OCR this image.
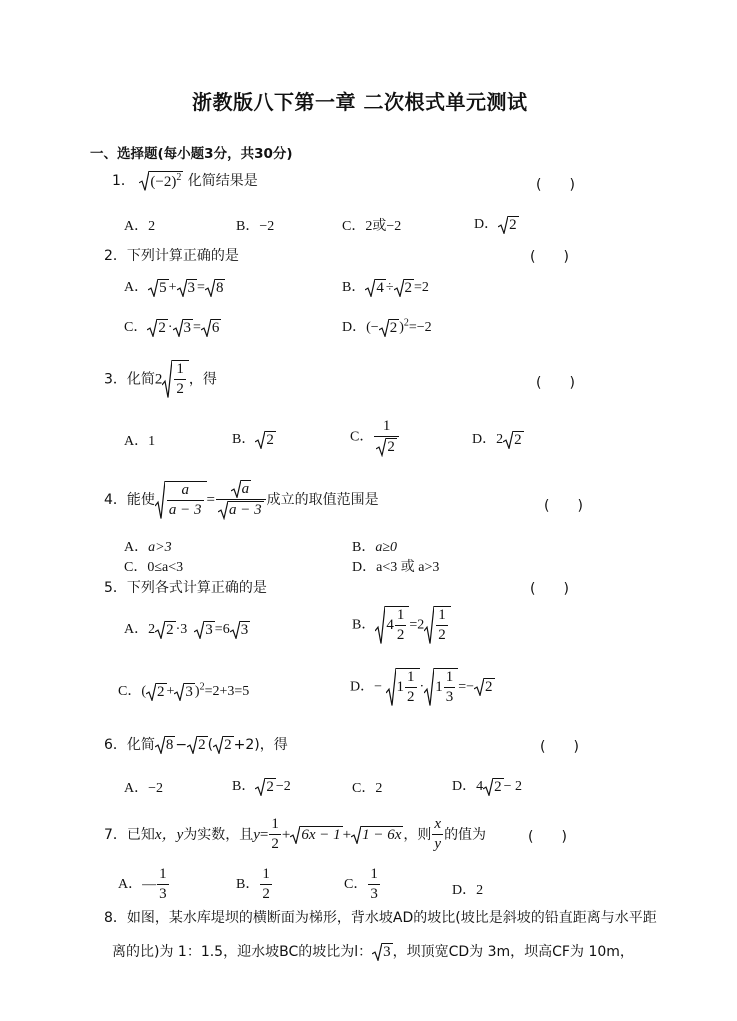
浙教版八下第一章 二次根式单元测试
一、选择题(每小题3分，共30分)
1． $(-2)^2$ 化简结果是	(　　)
A．2	B．−2	C．2或−2	D． 2
2．下列计算正确的是	(　　)
A． 5 + 3 = 8	B． 4 ÷ 2 =2
C． 2 · 3 = 6	D．(− 2 )$^2$=−2
3．化简$2 \frac{1}{2}$ ，得	(　　)
A．1	B． 2	C． $\frac{1}{2}$	D．2 2
4．能使 $\frac{a}{a - 3} = \frac{a}{a - 3}$ 成立的取值范围是	(　　)
A．a>3	B．a≥0
C．0≤a<3	D．a<3 或 a>3
5．下列各式计算正确的是	(　　)
A．2 2 ·3 3 =6 3	B． $4 \frac{1}{2} =2 \frac{1}{2}$
C．( 2 + 3 )$^2$=2+3=5	D．− $1 \frac{1}{2} \cdot 1 \frac{1}{3} =- 2$
6．化简 8 − 2 ( 2 +2)，得	(　　)
A．−2	B． 2 −2	C．2	D．4 2 − 2
7．已知x，y为实数，且$y= \frac{1}{2} + 6x - 1 + 1 - 6x$ ，则 $\frac{x}{y}$ 的值为	(　　)
A．— $\frac{1}{3}$	B． $\frac{1}{2}$	C． $\frac{1}{3}$	D．2
8．如图，某水库堤坝的横断面为梯形，背水坡AD的坡比(坡比是斜坡的铅直距离与水平距
离的比)为 1：1.5，迎水坡BC的坡比为l： 3 ，坝顶宽CD为 3m，坝高CF为 10m，
